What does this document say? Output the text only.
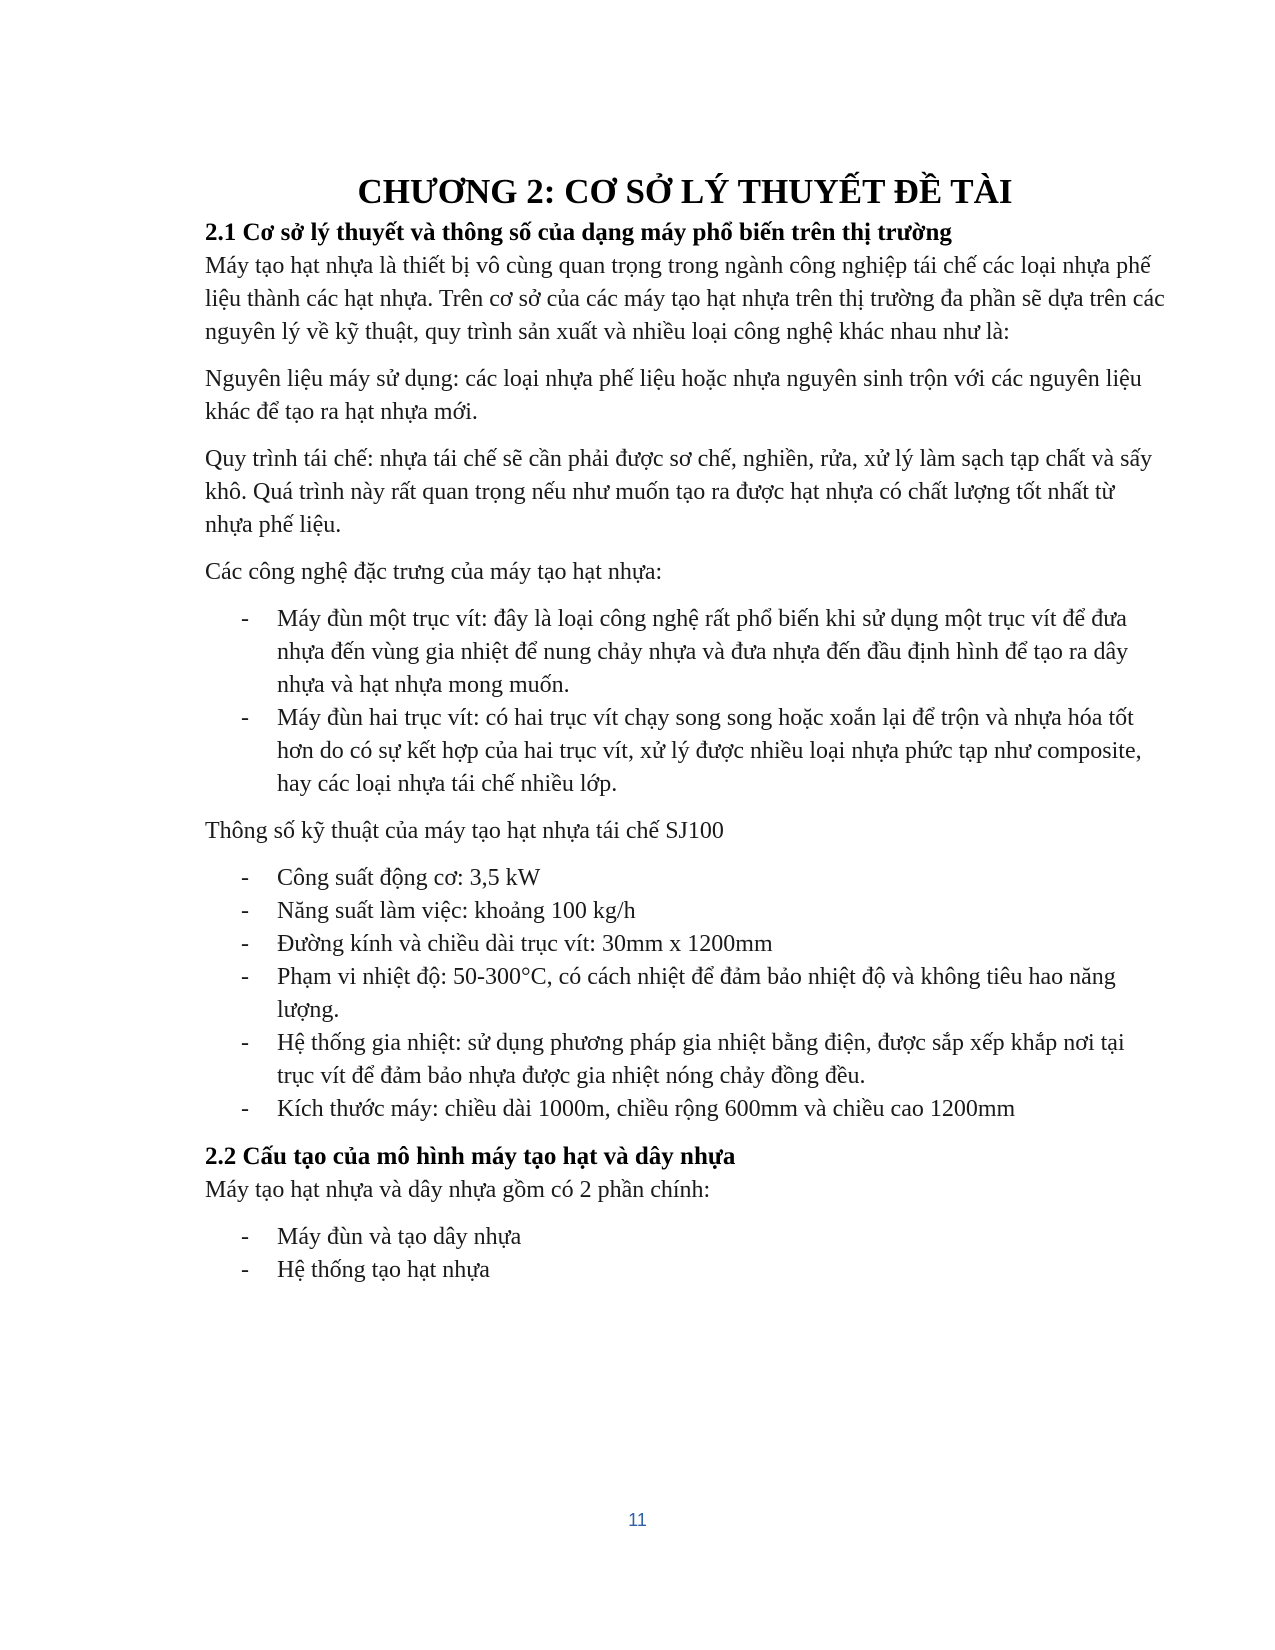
CHƯƠNG 2: CƠ SỞ LÝ THUYẾT ĐỀ TÀI
2.1 Cơ sở lý thuyết và thông số của dạng máy phổ biến trên thị trường

Máy tạo hạt nhựa là thiết bị vô cùng quan trọng trong ngành công nghiệp tái chế các loại nhựa phế liệu thành các hạt nhựa. Trên cơ sở của các máy tạo hạt nhựa trên thị trường đa phần sẽ dựa trên các nguyên lý về kỹ thuật, quy trình sản xuất và nhiều loại công nghệ khác nhau như là:

Nguyên liệu máy sử dụng: các loại nhựa phế liệu hoặc nhựa nguyên sinh trộn với các nguyên liệu khác để tạo ra hạt nhựa mới.

Quy trình tái chế: nhựa tái chế sẽ cần phải được sơ chế, nghiền, rửa, xử lý làm sạch tạp chất và sấy khô. Quá trình này rất quan trọng nếu như muốn tạo ra được hạt nhựa có chất lượng tốt nhất từ nhựa phế liệu.

Các công nghệ đặc trưng của máy tạo hạt nhựa:

- Máy đùn một trục vít: đây là loại công nghệ rất phổ biến khi sử dụng một trục vít để đưa nhựa đến vùng gia nhiệt để nung chảy nhựa và đưa nhựa đến đầu định hình để tạo ra dây nhựa và hạt nhựa mong muốn.
- Máy đùn hai trục vít: có hai trục vít chạy song song hoặc xoắn lại để trộn và nhựa hóa tốt hơn do có sự kết hợp của hai trục vít, xử lý được nhiều loại nhựa phức tạp như composite, hay các loại nhựa tái chế nhiều lớp.

Thông số kỹ thuật của máy tạo hạt nhựa tái chế SJ100

- Công suất động cơ: 3,5 kW
- Năng suất làm việc: khoảng 100 kg/h
- Đường kính và chiều dài trục vít: 30mm x 1200mm
- Phạm vi nhiệt độ: 50-300°C, có cách nhiệt để đảm bảo nhiệt độ và không tiêu hao năng lượng.
- Hệ thống gia nhiệt: sử dụng phương pháp gia nhiệt bằng điện, được sắp xếp khắp nơi tại trục vít để đảm bảo nhựa được gia nhiệt nóng chảy đồng đều.
- Kích thước máy: chiều dài 1000m, chiều rộng 600mm và chiều cao 1200mm
2.2 Cấu tạo của mô hình máy tạo hạt và dây nhựa

Máy tạo hạt nhựa và dây nhựa gồm có 2 phần chính:

- Máy đùn và tạo dây nhựa
- Hệ thống tạo hạt nhựa
11
